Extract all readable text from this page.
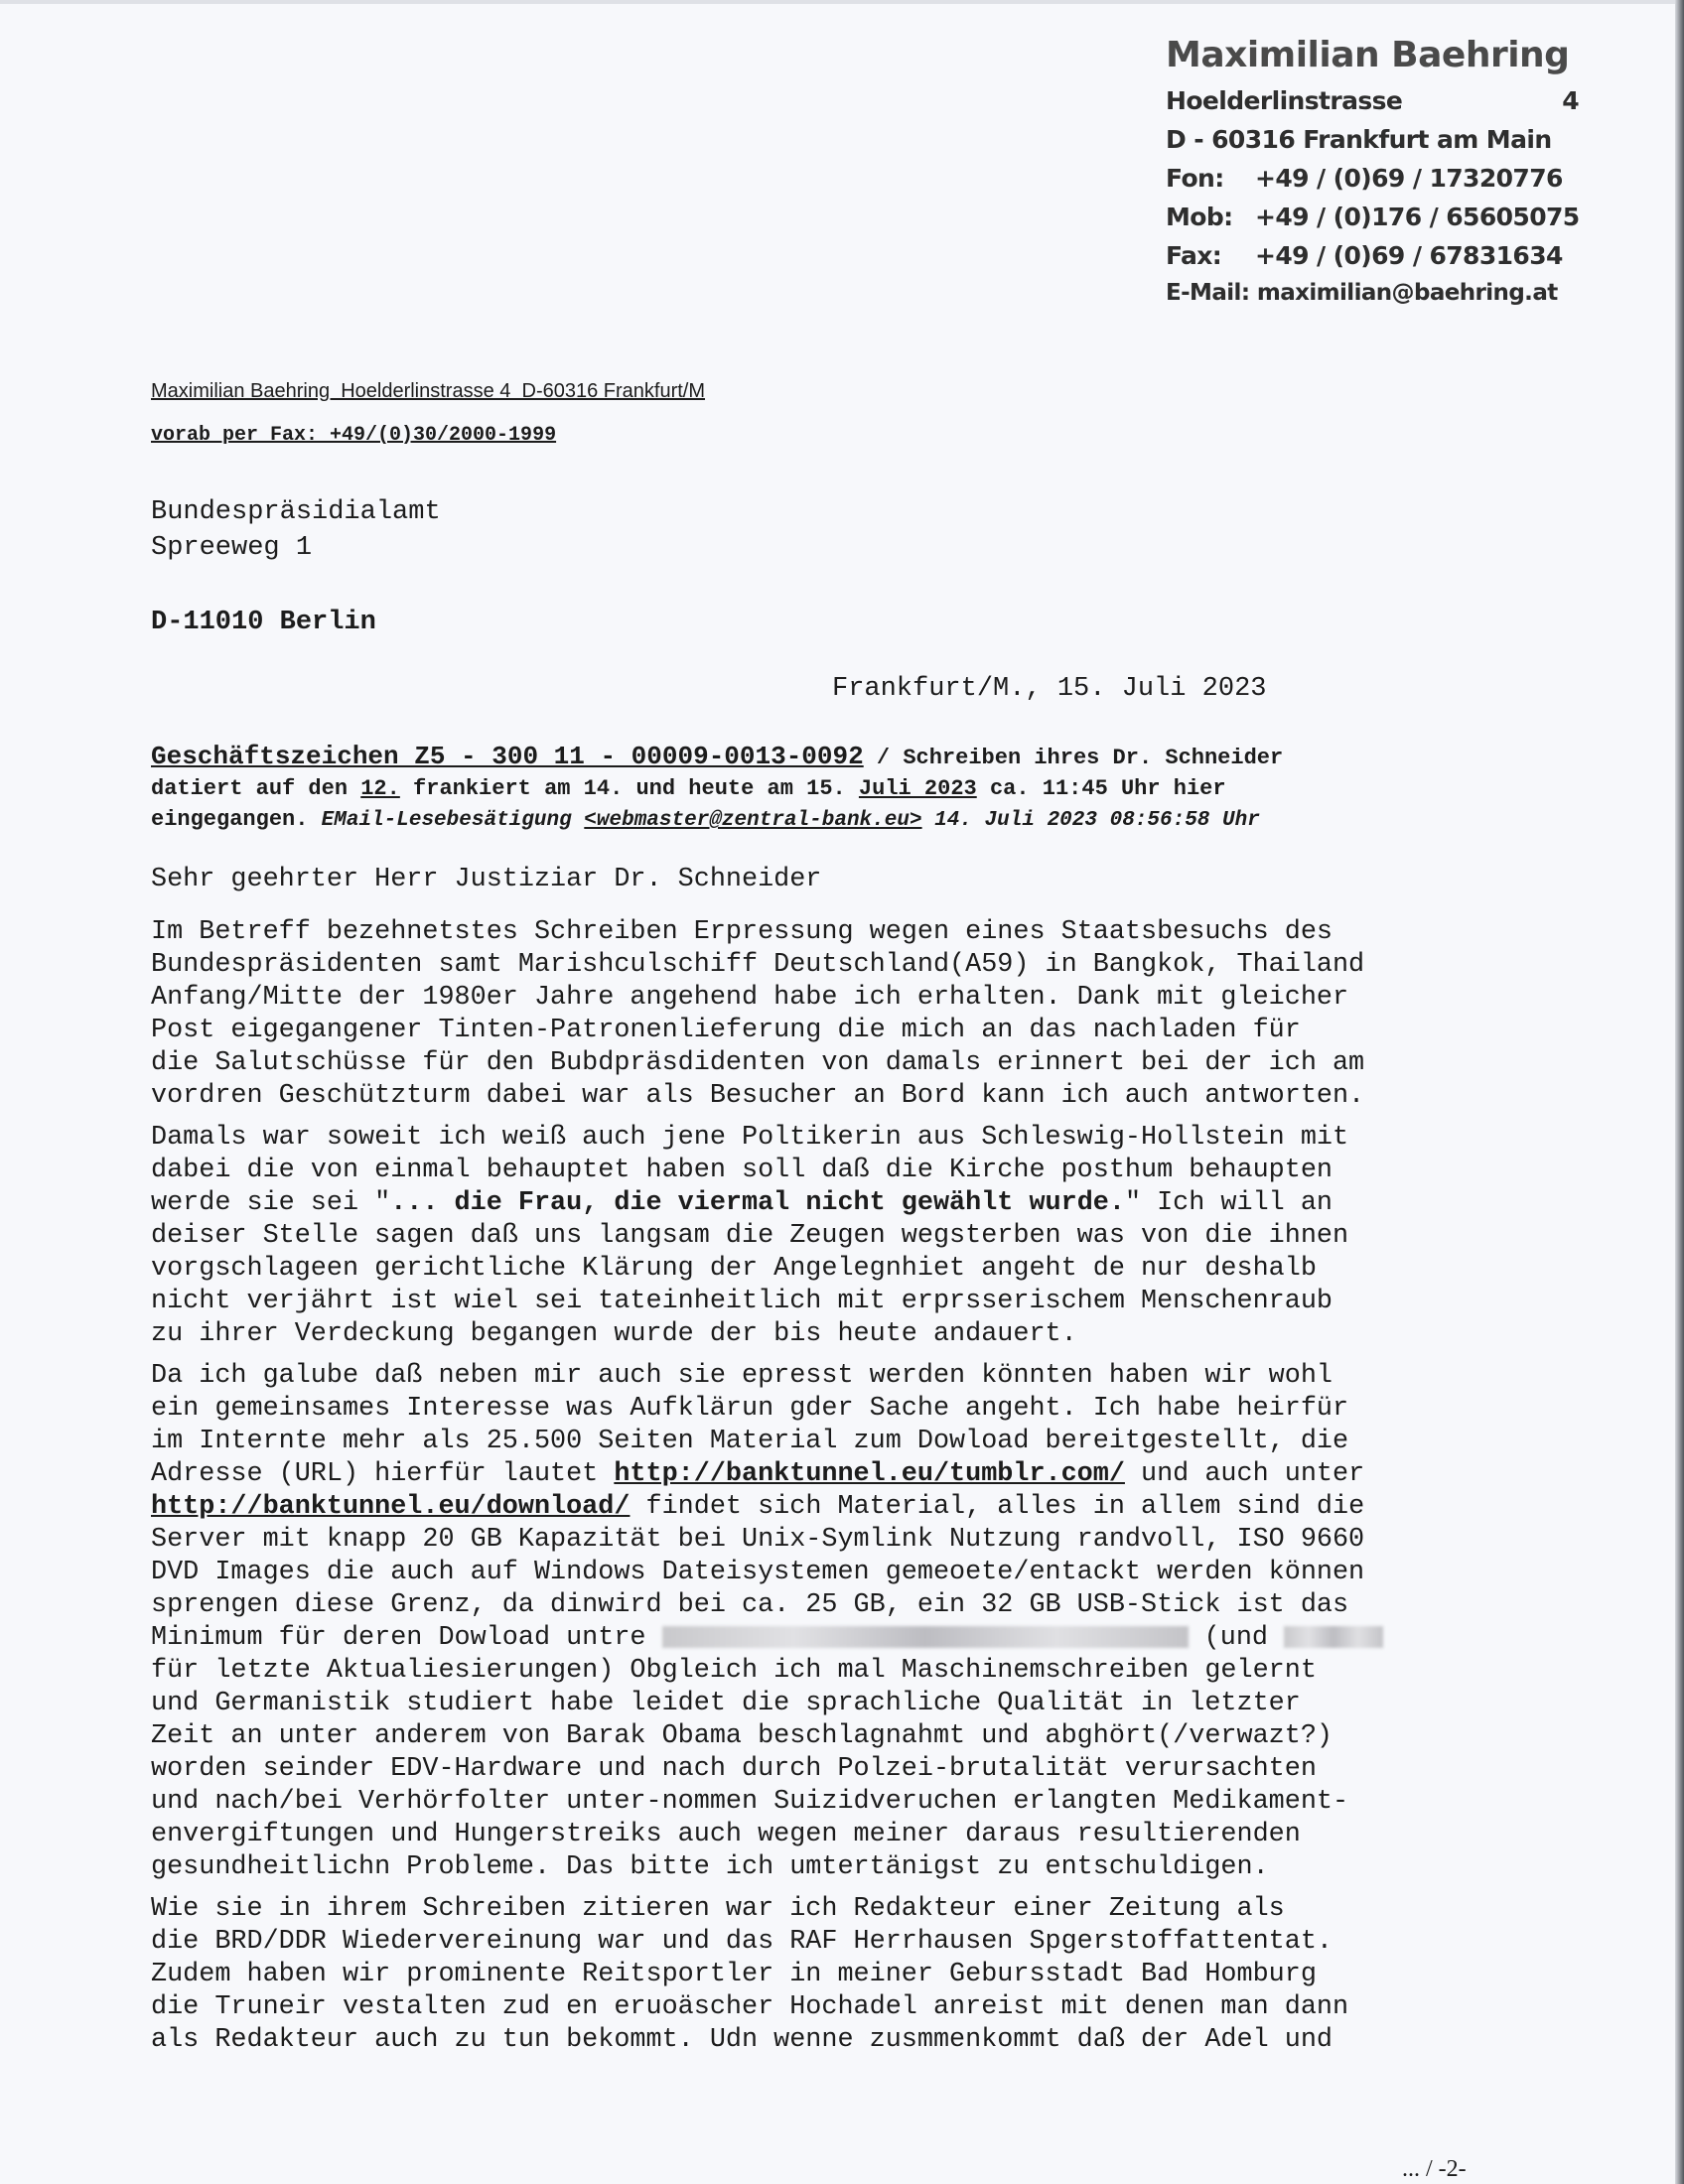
Maximilian Baehring
Hoelderlinstrasse	4
D - 60316 Frankfurt am Main
Fon: +49 / (0)69 / 17320776
Mob: +49 / (0)176 / 65605075
Fax: +49 / (0)69 / 67831634
E-Mail: maximilian@baehring.at
Maximilian Baehring  Hoelderlinstrasse 4  D-60316 Frankfurt/M
vorab per Fax: +49/(0)30/2000-1999
Bundespräsidialamt
Spreeweg 1
D-11010 Berlin
Frankfurt/M., 15. Juli 2023
Geschäftszeichen Z5 - 300 11 - 00009-0013-0092 / Schreiben ihres Dr. Schneider
datiert auf den 12. frankiert am 14. und heute am 15. Juli 2023 ca. 11:45 Uhr hier
eingegangen. EMail-Lesebesätigung <webmaster@zentral-bank.eu> 14. Juli 2023 08:56:58 Uhr

Sehr geehrter Herr Justiziar Dr. Schneider

Im Betreff bezehnetstes Schreiben Erpressung wegen eines Staatsbesuchs des
Bundespräsidenten samt Marishculschiff Deutschland(A59) in Bangkok, Thailand
Anfang/Mitte der 1980er Jahre angehend habe ich erhalten. Dank mit gleicher
Post eigegangener Tinten-Patronenlieferung die mich an das nachladen für
die Salutschüsse für den Bubdpräsdidenten von damals erinnert bei der ich am
vordren Geschützturm dabei war als Besucher an Bord kann ich auch antworten.

Damals war soweit ich weiß auch jene Poltikerin aus Schleswig-Hollstein mit
dabei die von einmal behauptet haben soll daß die Kirche posthum behaupten
werde sie sei "... die Frau, die viermal nicht gewählt wurde." Ich will an
deiser Stelle sagen daß uns langsam die Zeugen wegsterben was von die ihnen
vorgschlageen gerichtliche Klärung der Angelegnhiet angeht de nur deshalb
nicht verjährt ist wiel sei tateinheitlich mit erprsserischem Menschenraub
zu ihrer Verdeckung begangen wurde der bis heute andauert.

Da ich galube daß neben mir auch sie epresst werden könnten haben wir wohl
ein gemeinsames Interesse was Aufklärun gder Sache angeht. Ich habe heirfür
im Internte mehr als 25.500 Seiten Material zum Dowload bereitgestellt, die
Adresse (URL) hierfür lautet http://banktunnel.eu/tumblr.com/ und auch unter
http://banktunnel.eu/download/ findet sich Material, alles in allem sind die
Server mit knapp 20 GB Kapazität bei Unix-Symlink Nutzung randvoll, ISO 9660
DVD Images die auch auf Windows Dateisystemen gemeoete/entackt werden können
sprengen diese Grenz, da dinwird bei ca. 25 GB, ein 32 GB USB-Stick ist das
Minimum für deren Dowload untre	(und
für letzte Aktualiesierungen) Obgleich ich mal Maschinemschreiben gelernt
und Germanistik studiert habe leidet die sprachliche Qualität in letzter
Zeit an unter anderem von Barak Obama beschlagnahmt und abghört(/verwazt?)
worden seinder EDV-Hardware und nach durch Polzei-brutalität verursachten
und nach/bei Verhörfolter unter-nommen Suizidveruchen erlangten Medikament-
envergiftungen und Hungerstreiks auch wegen meiner daraus resultierenden
gesundheitlichn Probleme. Das bitte ich umtertänigst zu entschuldigen.

Wie sie in ihrem Schreiben zitieren war ich Redakteur einer Zeitung als
die BRD/DDR Wiedervereinung war und das RAF Herrhausen Spgerstoffattentat.
Zudem haben wir prominente Reitsportler in meiner Gebursstadt Bad Homburg
die Truneir vestalten zud en eruoäscher Hochadel anreist mit denen man dann
als Redakteur auch zu tun bekommt. Udn wenne zusmmenkommt daß der Adel und

... / -2-
